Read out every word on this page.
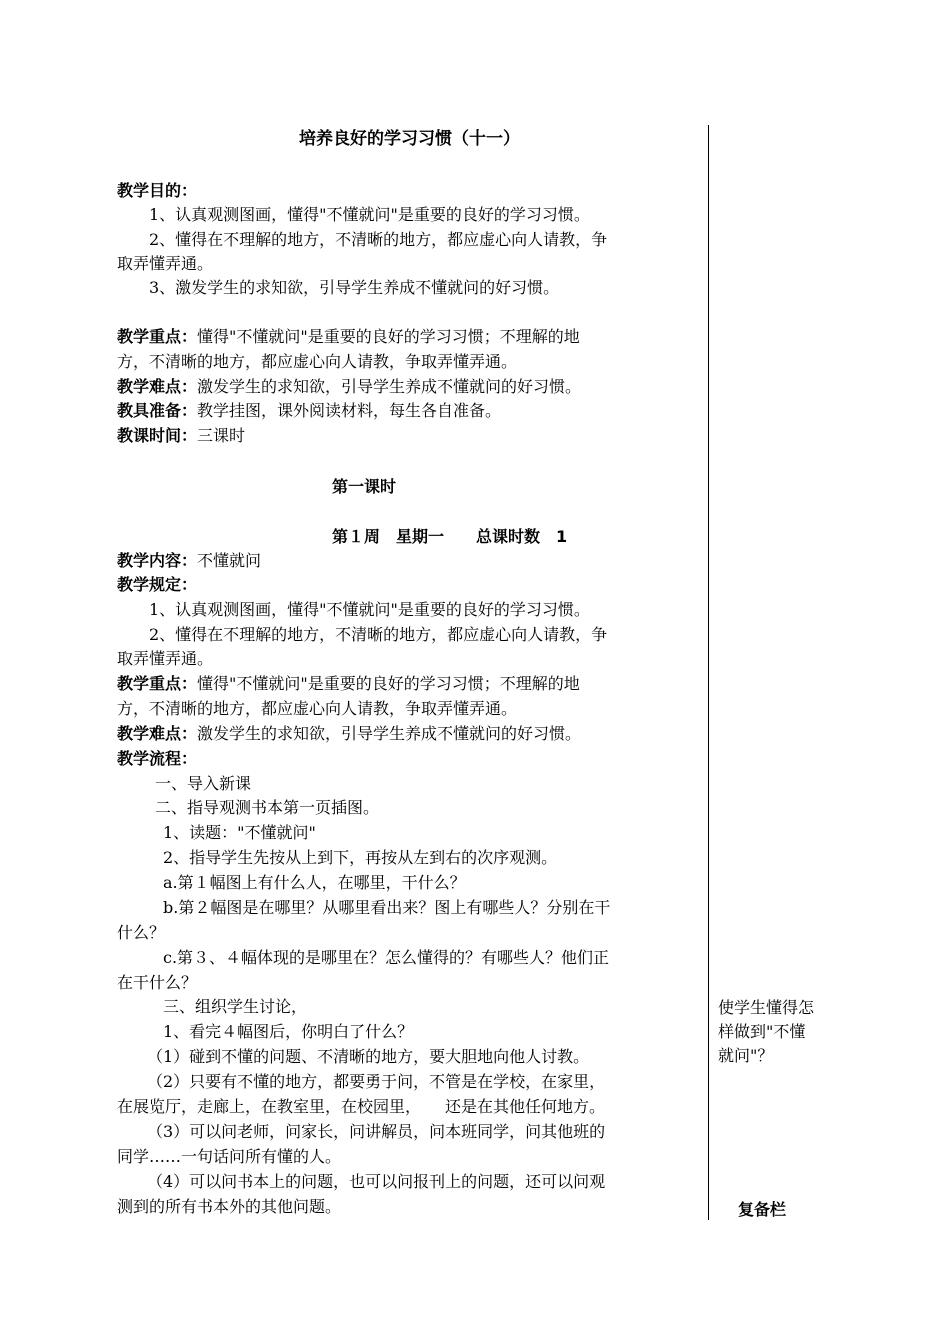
培养良好的学习习惯（十一）
教学目的：
1、认真观测图画，懂得"不懂就问"是重要的良好的学习习惯。
2、懂得在不理解的地方，不清晰的地方，都应虚心向人请教，争
取弄懂弄通。
3、激发学生的求知欲，引导学生养成不懂就问的好习惯。
教学重点：懂得"不懂就问"是重要的良好的学习习惯；不理解的地
方，不清晰的地方，都应虚心向人请教，争取弄懂弄通。
教学难点：激发学生的求知欲，引导学生养成不懂就问的好习惯。
教具准备：教学挂图，课外阅读材料，每生各自准备。
教课时间：三课时
第一课时
第１周　星期一　　总课时数　1
教学内容：不懂就问
教学规定：
1、认真观测图画，懂得"不懂就问"是重要的良好的学习习惯。
2、懂得在不理解的地方，不清晰的地方，都应虚心向人请教，争
取弄懂弄通。
教学重点：懂得"不懂就问"是重要的良好的学习习惯；不理解的地
方，不清晰的地方，都应虚心向人请教，争取弄懂弄通。
教学难点：激发学生的求知欲，引导学生养成不懂就问的好习惯。
教学流程：
一、导入新课
二、指导观测书本第一页插图。
1、读题："不懂就问"
2、指导学生先按从上到下，再按从左到右的次序观测。
a.第１幅图上有什么人，在哪里，干什么？
b.第２幅图是在哪里？从哪里看出来？图上有哪些人？分别在干
什么？
c.第３、４幅体现的是哪里在？怎么懂得的？有哪些人？他们正
在干什么？
三、组织学生讨论，
1、看完４幅图后，你明白了什么？
（1）碰到不懂的问题、不清晰的地方，要大胆地向他人讨教。
（2）只要有不懂的地方，都要勇于问，不管是在学校，在家里，
在展览厅，走廊上，在教室里，在校园里，　　还是在其他任何地方。
（3）可以问老师，问家长，问讲解员，问本班同学，问其他班的
同学……一句话问所有懂的人。
（4）可以问书本上的问题，也可以问报刊上的问题，还可以问观
测到的所有书本外的其他问题。
使学生懂得怎
样做到"不懂
就问"？
复备栏
